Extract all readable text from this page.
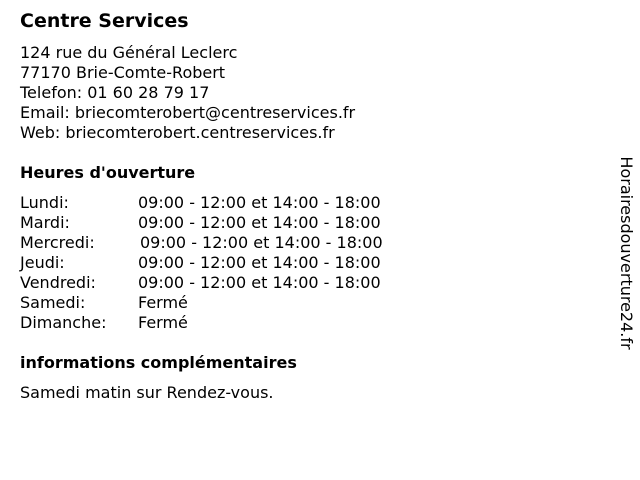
Centre Services
124 rue du Général Leclerc
77170 Brie-Comte-Robert
Telefon: 01 60 28 79 17
Email: briecomterobert@centreservices.fr
Web: briecomterobert.centreservices.fr
Heures d'ouverture
Lundi:	09:00 - 12:00 et 14:00 - 18:00
Mardi:	09:00 - 12:00 et 14:00 - 18:00
Mercredi:	09:00 - 12:00 et 14:00 - 18:00
Jeudi:	09:00 - 12:00 et 14:00 - 18:00
Vendredi:	09:00 - 12:00 et 14:00 - 18:00
Samedi:	Fermé
Dimanche: Fermé
informations complémentaires
Samedi matin sur Rendez-vous.
Horairesdouverture24.fr
